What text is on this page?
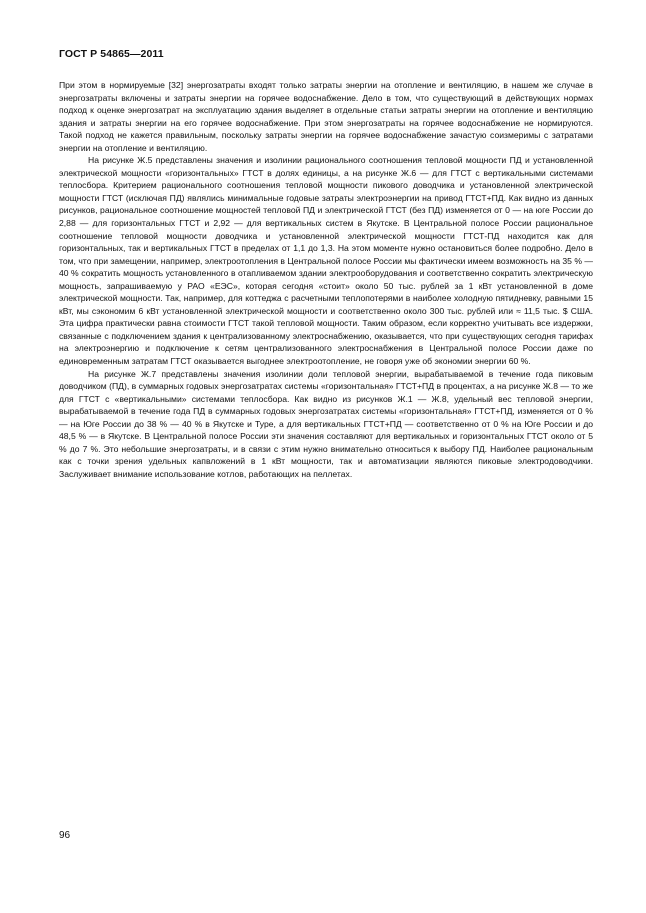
ГОСТ Р 54865—2011

При этом в нормируемые [32] энергозатраты входят только затраты энергии на отопление и вентиляцию, в нашем же случае в энергозатраты включены и затраты энергии на горячее водоснабжение. Дело в том, что существующий в действующих нормах подход к оценке энергозатрат на эксплуатацию здания выделяет в отдельные статьи затраты энергии на отопление и вентиляцию здания и затраты энергии на его горячее водоснабжение. При этом энергозатраты на горячее водоснабжение не нормируются. Такой подход не кажется правильным, поскольку затраты энергии на горячее водоснабжение зачастую соизмеримы с затратами энергии на отопление и вентиляцию.

На рисунке Ж.5 представлены значения и изолинии рационального соотношения тепловой мощности ПД и установленной электрической мощности «горизонтальных» ГТСТ в долях единицы, а на рисунке Ж.6 — для ГТСТ с вертикальными системами теплосбора. Критерием рационального соотношения тепловой мощности пикового доводчика и установленной электрической мощности ГТСТ (исключая ПД) являлись минимальные годовые затраты электроэнергии на привод ГТСТ+ПД. Как видно из данных рисунков, рациональное соотношение мощностей тепловой ПД и электрической ГТСТ (без ПД) изменяется от 0 — на юге России до 2,88 — для горизонтальных ГТСТ и 2,92 — для вертикальных систем в Якутске. В Центральной полосе России рациональное соотношение тепловой мощности доводчика и установленной электрической мощности ГТСТ-ПД находится как для горизонтальных, так и вертикальных ГТСТ в пределах от 1,1 до 1,3. На этом моменте нужно остановиться более подробно. Дело в том, что при замещении, например, электроотопления в Центральной полосе России мы фактически имеем возможность на 35 % — 40 % сократить мощность установленного в отапливаемом здании электрооборудования и соответственно сократить электрическую мощность, запрашиваемую у РАО «ЕЭС», которая сегодня «стоит» около 50 тыс. рублей за 1 кВт установленной в доме электрической мощности. Так, например, для коттеджа с расчетными теплопотерями в наиболее холодную пятидневку, равными 15 кВт, мы сэкономим 6 кВт установленной электрической мощности и соответственно около 300 тыс. рублей или ≈ 11,5 тыс. $ США. Эта цифра практически равна стоимости ГТСТ такой тепловой мощности. Таким образом, если корректно учитывать все издержки, связанные с подключением здания к централизованному электроснабжению, оказывается, что при существующих сегодня тарифах на электроэнергию и подключение к сетям централизованного электроснабжения в Центральной полосе России даже по единовременным затратам ГТСТ оказывается выгоднее электроотопление, не говоря уже об экономии энергии 60 %.

На рисунке Ж.7 представлены значения изолинии доли тепловой энергии, вырабатываемой в течение года пиковым доводчиком (ПД), в суммарных годовых энергозатратах системы «горизонтальная» ГТСТ+ПД в процентах, а на рисунке Ж.8 — то же для ГТСТ с «вертикальными» системами теплосбора. Как видно из рисунков Ж.1 — Ж.8, удельный вес тепловой энергии, вырабатываемой в течение года ПД в суммарных годовых энергозатратах системы «горизонтальная» ГТСТ+ПД, изменяется от 0 % — на Юге России до 38 % — 40 % в Якутске и Туре, а для вертикальных ГТСТ+ПД — соответственно от 0 % на Юге России и до 48,5 % — в Якутске. В Центральной полосе России эти значения составляют для вертикальных и горизонтальных ГТСТ около от 5 % до 7 %. Это небольшие энергозатраты, и в связи с этим нужно внимательно относиться к выбору ПД. Наиболее рациональным как с точки зрения удельных капвложений в 1 кВт мощности, так и автоматизации являются пиковые электродоводчики. Заслуживает внимание использование котлов, работающих на пеллетах.

96
